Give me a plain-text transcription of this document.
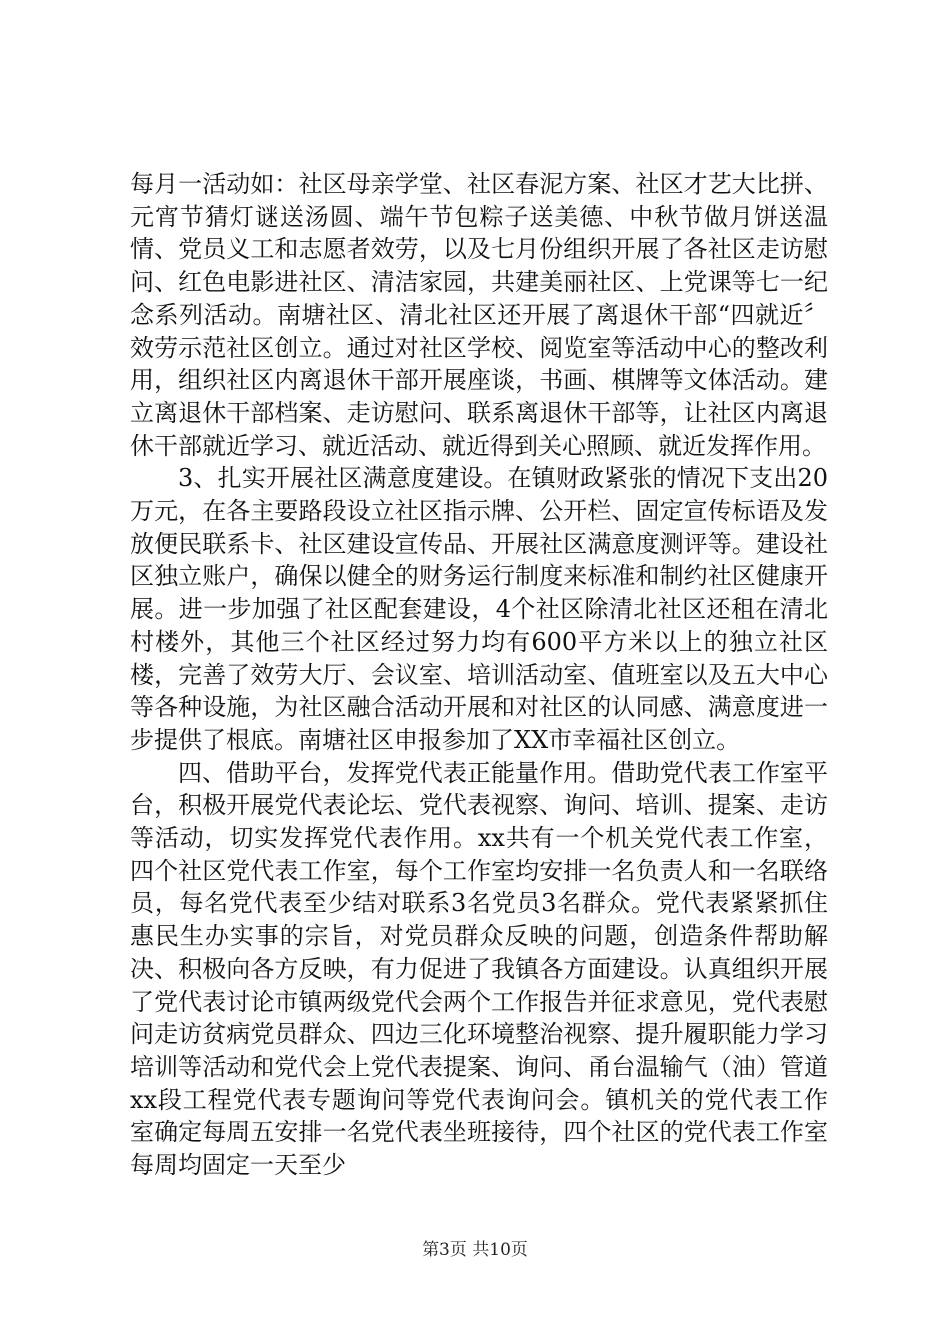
每月一活动如：社区母亲学堂、社区春泥方案、社区才艺大比拼、元宵节猜灯谜送汤圆、端午节包粽子送美德、中秋节做月饼送温情、党员义工和志愿者效劳，以及七月份组织开展了各社区走访慰问、红色电影进社区、清洁家园，共建美丽社区、上党课等七一纪念系列活动。南塘社区、清北社区还开展了离退休干部“四就近〞效劳示范社区创立。通过对社区学校、阅览室等活动中心的整改利用，组织社区内离退休干部开展座谈，书画、棋牌等文体活动。建立离退休干部档案、走访慰问、联系离退休干部等，让社区内离退休干部就近学习、就近活动、就近得到关心照顾、就近发挥作用。

3、扎实开展社区满意度建设。在镇财政紧张的情况下支出20万元，在各主要路段设立社区指示牌、公开栏、固定宣传标语及发放便民联系卡、社区建设宣传品、开展社区满意度测评等。建设社区独立账户，确保以健全的财务运行制度来标准和制约社区健康开展。进一步加强了社区配套建设，4个社区除清北社区还租在清北村楼外，其他三个社区经过努力均有600平方米以上的独立社区楼，完善了效劳大厅、会议室、培训活动室、值班室以及五大中心等各种设施，为社区融合活动开展和对社区的认同感、满意度进一步提供了根底。南塘社区申报参加了XX市幸福社区创立。

四、借助平台，发挥党代表正能量作用。借助党代表工作室平台，积极开展党代表论坛、党代表视察、询问、培训、提案、走访等活动，切实发挥党代表作用。xx共有一个机关党代表工作室，四个社区党代表工作室，每个工作室均安排一名负责人和一名联络员，每名党代表至少结对联系3名党员3名群众。党代表紧紧抓住惠民生办实事的宗旨，对党员群众反映的问题，创造条件帮助解决、积极向各方反映，有力促进了我镇各方面建设。认真组织开展了党代表讨论市镇两级党代会两个工作报告并征求意见，党代表慰问走访贫病党员群众、四边三化环境整治视察、提升履职能力学习培训等活动和党代会上党代表提案、询问、甬台温输气（油）管道xx段工程党代表专题询问等党代表询问会。镇机关的党代表工作室确定每周五安排一名党代表坐班接待，四个社区的党代表工作室每周均固定一天至少

第3页 共10页
